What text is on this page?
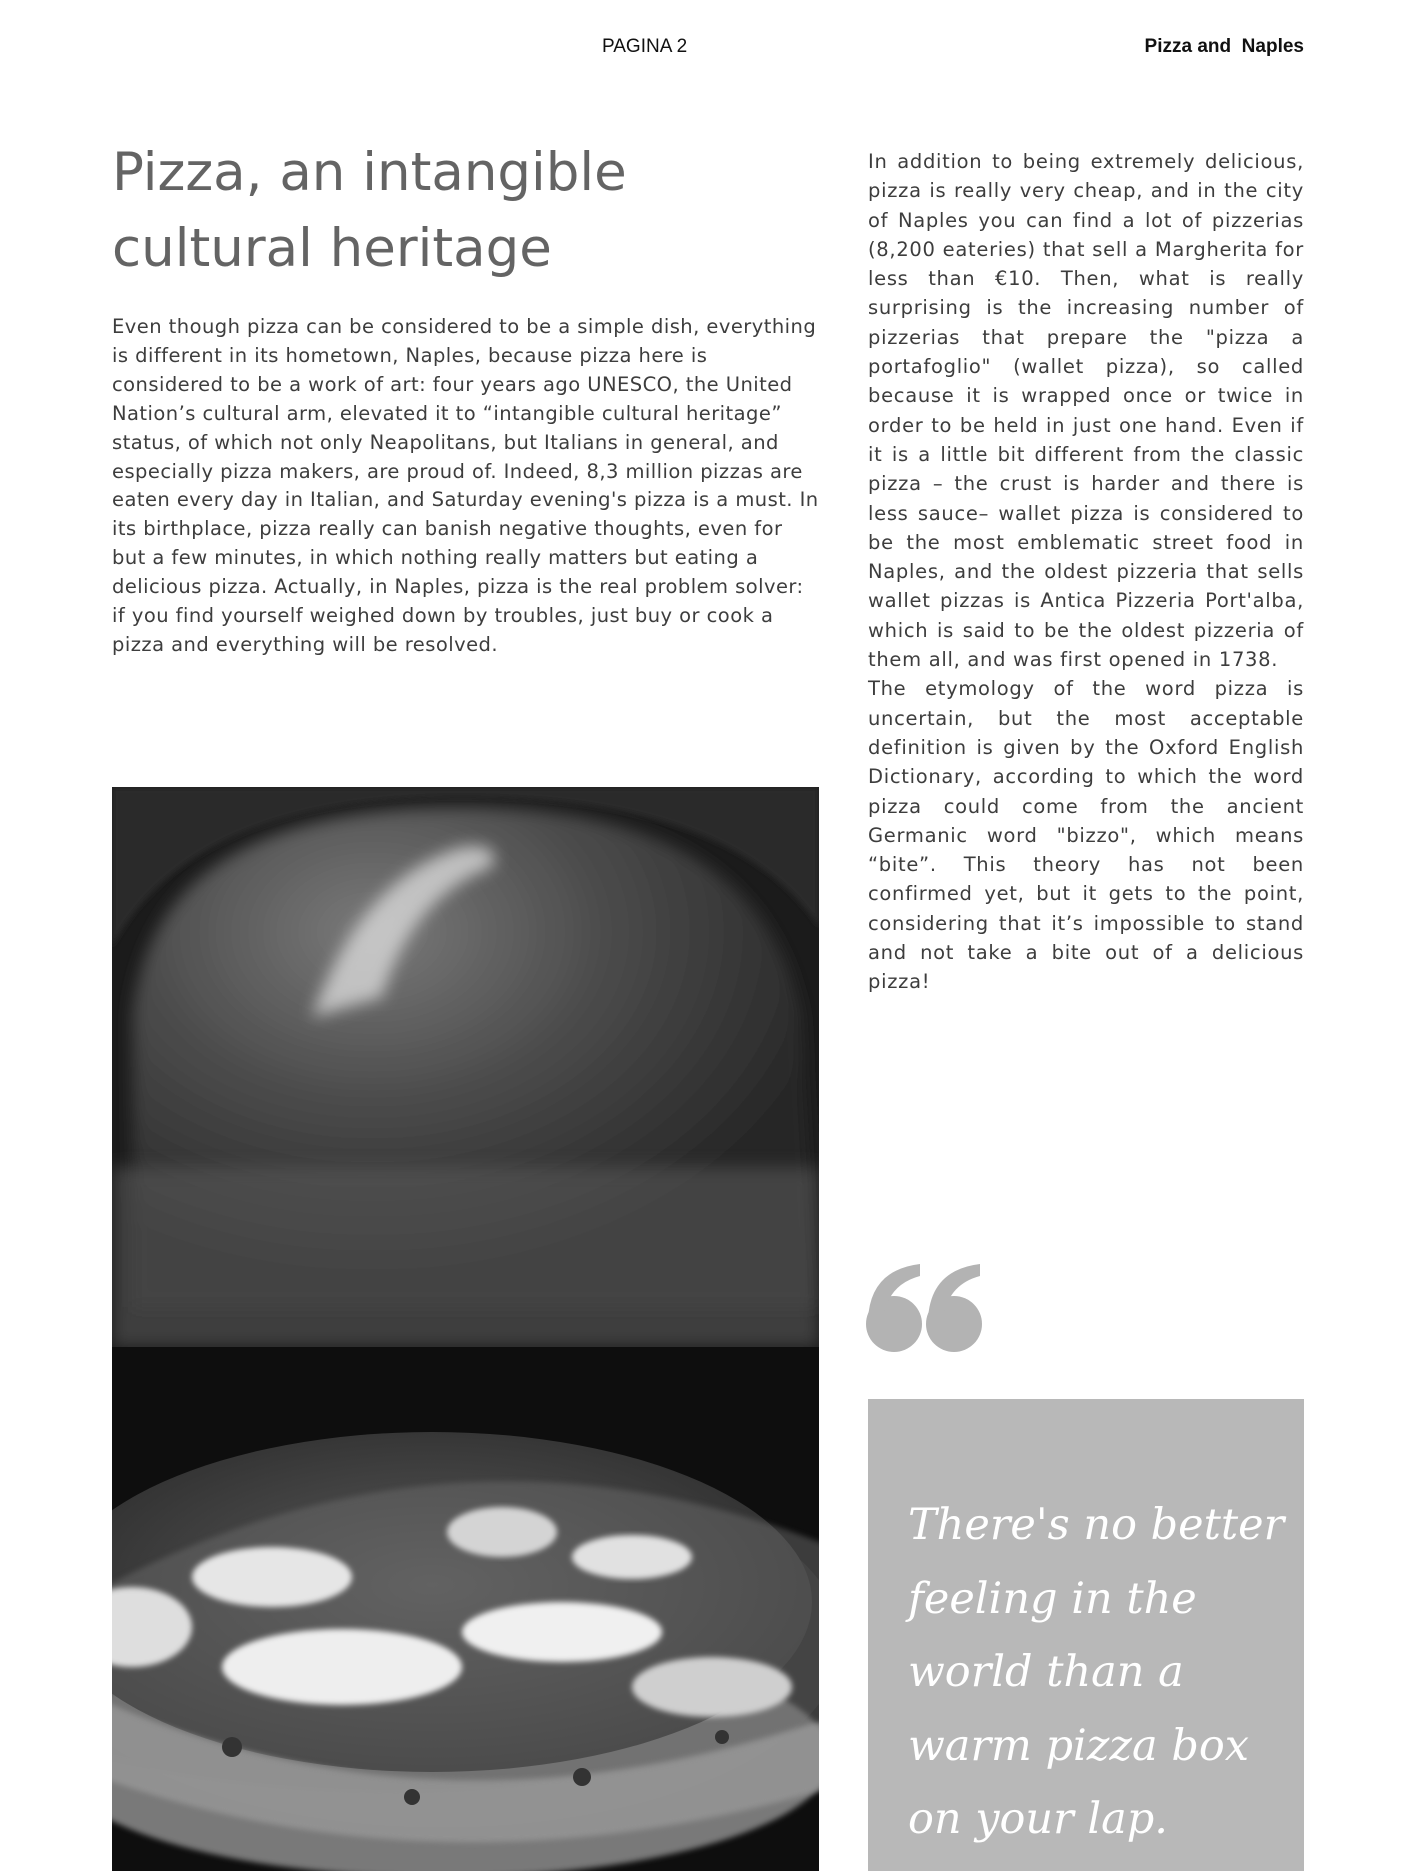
PAGINA 2	Pizza and  Naples
Pizza, an intangible cultural heritage

Even though pizza can be considered to be a simple dish, everything is different in its hometown, Naples, because pizza here is considered to be a work of art: four years ago UNESCO, the United Nation’s cultural arm, elevated it to “intangible cultural heritage” status, of which not only Neapolitans, but Italians in general, and especially pizza makers, are proud of. Indeed, 8,3 million pizzas are eaten every day in Italian, and Saturday evening's pizza is a must. In its birthplace, pizza really can banish negative thoughts, even for but a few minutes, in which nothing really matters but eating a delicious pizza. Actually, in Naples, pizza is the real problem solver: if you find yourself weighed down by troubles, just buy or cook a pizza and everything will be resolved.

In addition to being extremely delicious, pizza is really very cheap, and in the city of Naples you can find a lot of pizzerias (8,200 eateries) that sell a Margherita for less than €10. Then, what is really surprising is the increasing number of pizzerias that prepare the "pizza a portafoglio" (wallet pizza), so called because it is wrapped once or twice in order to be held in just one hand. Even if it is a little bit different from the classic pizza – the crust is harder and there is less sauce– wallet pizza is considered to be the most emblematic street food in Naples, and the oldest pizzeria that sells wallet pizzas is Antica Pizzeria Port'alba, which is said to be the oldest pizzeria of them all, and was first opened in 1738.

The etymology of the word pizza is uncertain, but the most acceptable definition is given by the Oxford English Dictionary, according to which the word pizza could come from the ancient Germanic word "bizzo", which means “bite”. This theory has not been confirmed yet, but it gets to the point, considering that it’s impossible to stand and not take a bite out of a delicious pizza!

There's no better feeling in the world than a warm pizza box on your lap.
